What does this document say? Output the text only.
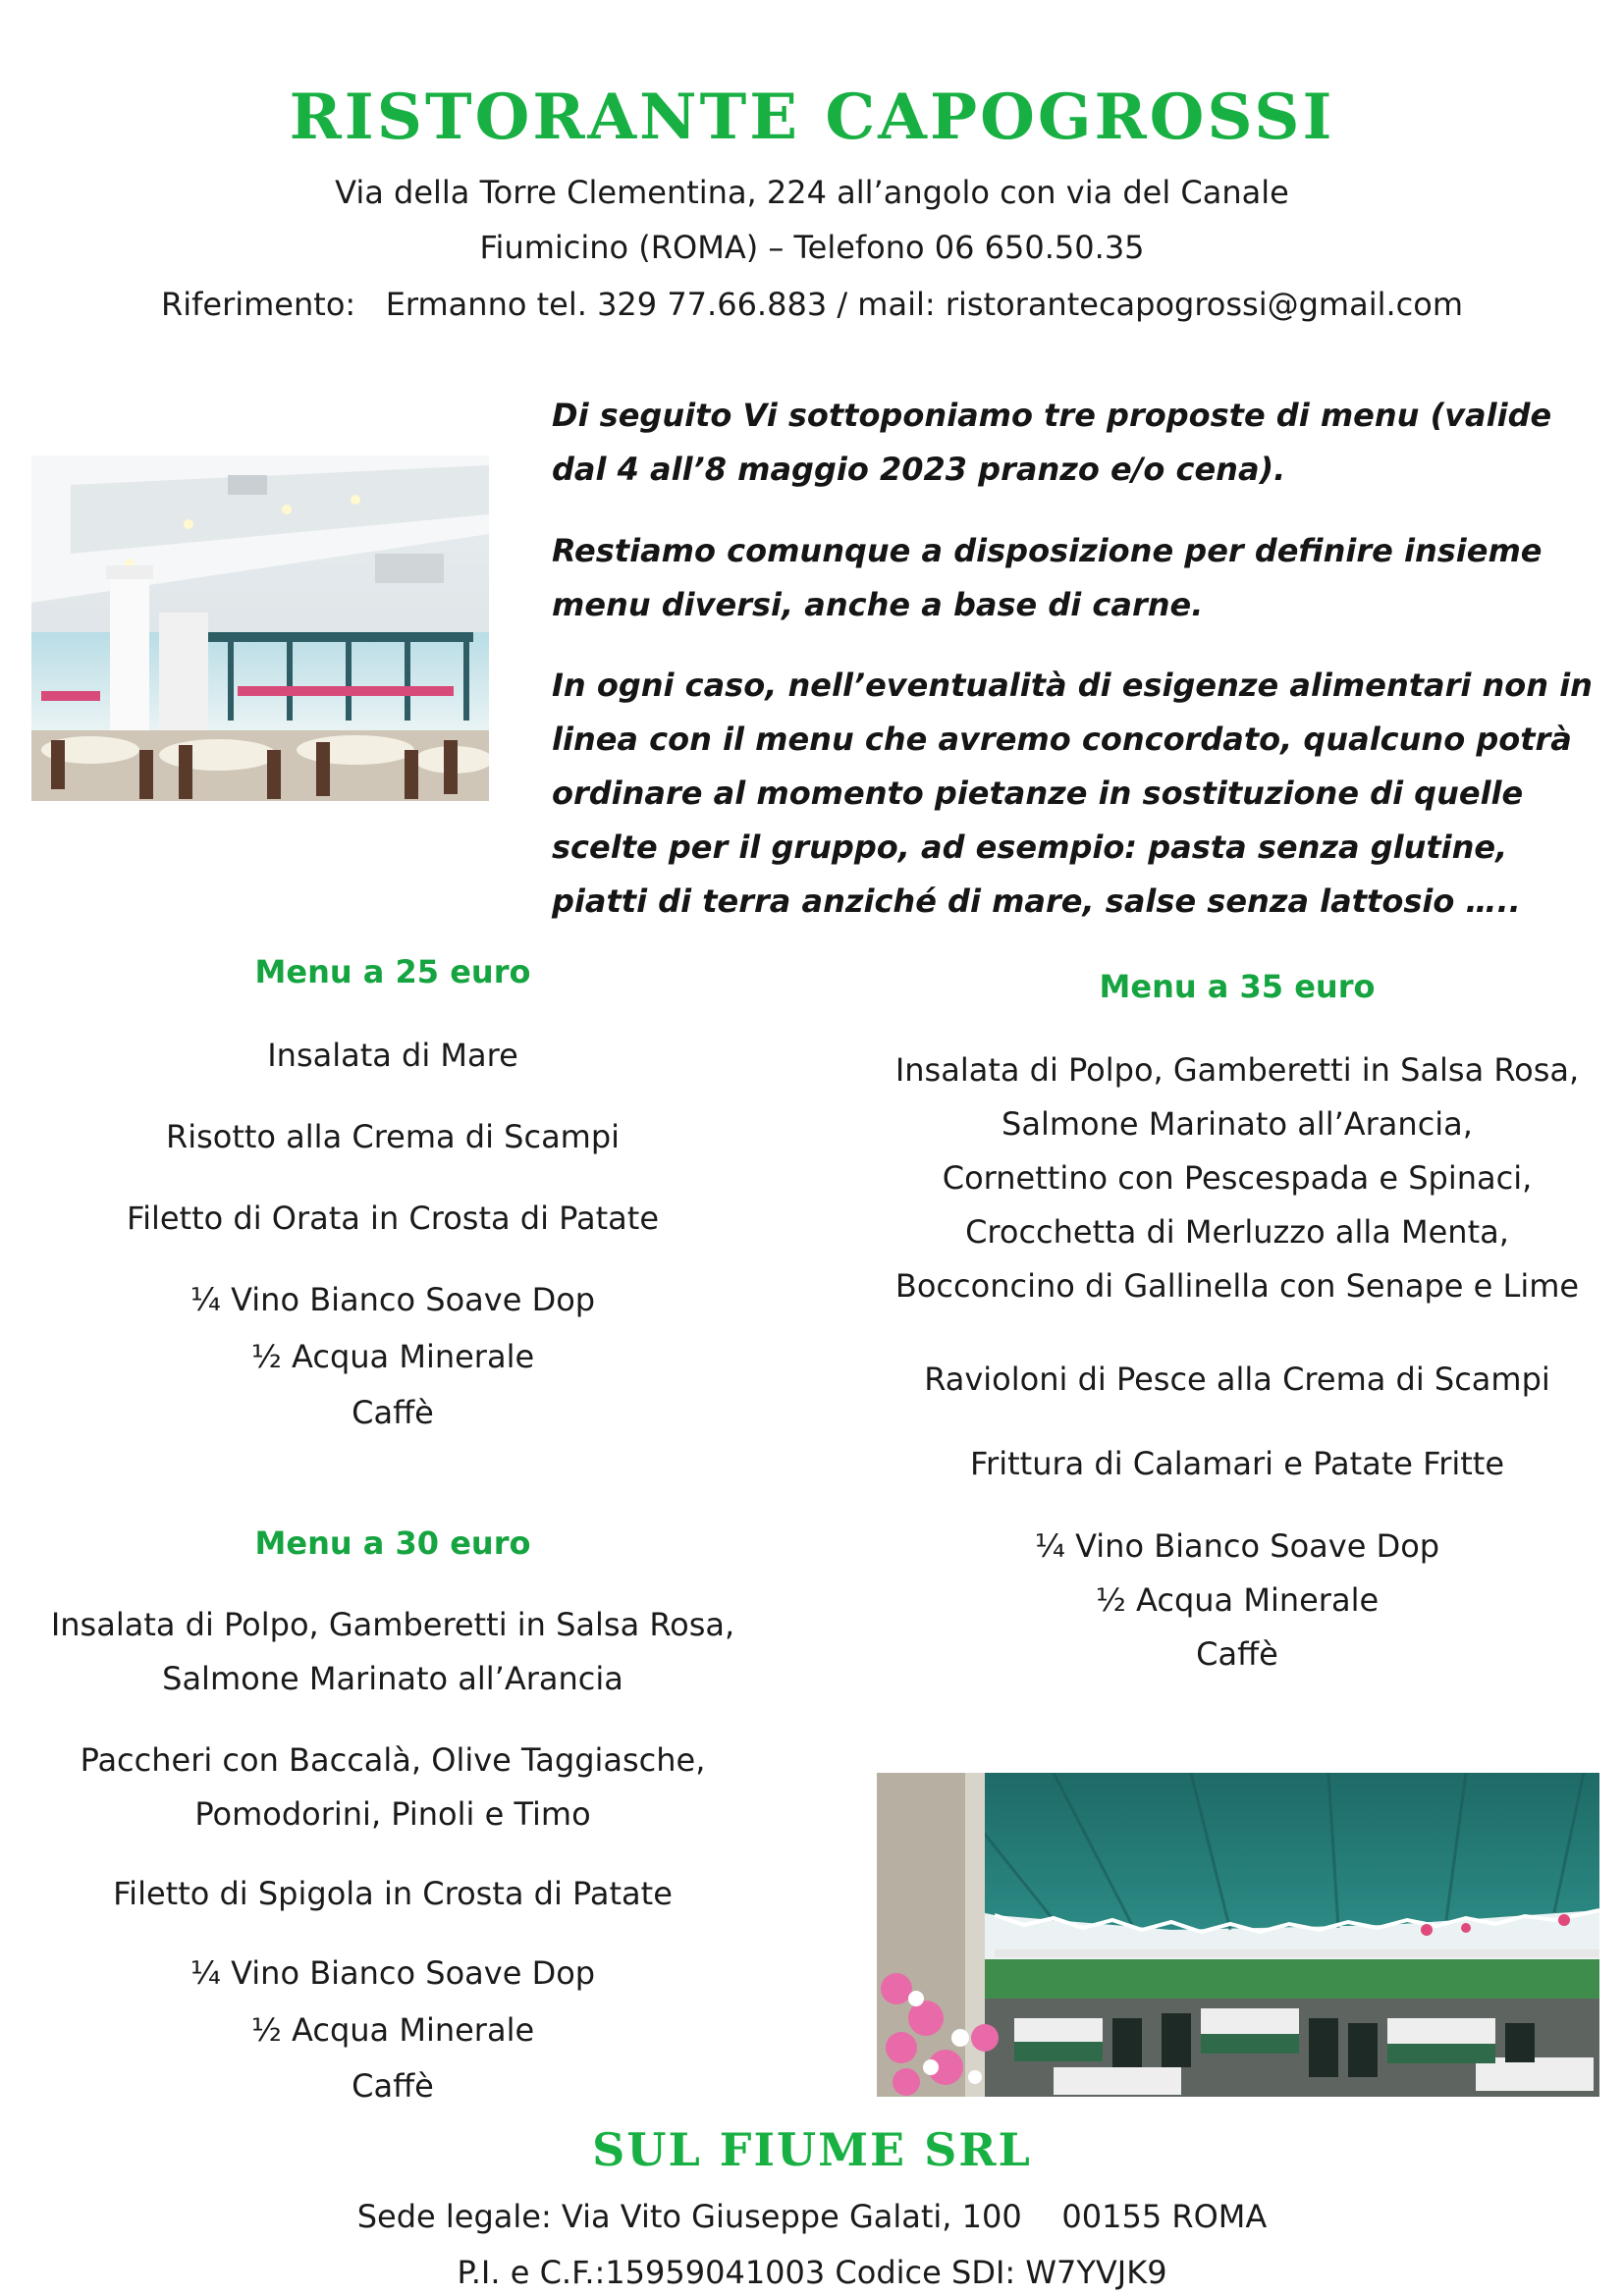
RISTORANTE CAPOGROSSI
Via della Torre Clementina, 224 all’angolo con via del Canale
Fiumicino (ROMA) – Telefono 06 650.50.35
Riferimento:   Ermanno tel. 329 77.66.883 / mail: ristorantecapogrossi@gmail.com
Di seguito Vi sottoponiamo tre proposte di menu (valide dal 4 all’8 maggio 2023 pranzo e/o cena).
Restiamo comunque a disposizione per definire insieme menu diversi, anche a base di carne.
In ogni caso, nell’eventualità di esigenze alimentari non in linea con il menu che avremo concordato, qualcuno potrà ordinare al momento pietanze in sostituzione di quelle scelte per il gruppo, ad esempio: pasta senza glutine, piatti di terra anziché di mare, salse senza lattosio …..
Menu a 25 euro
Insalata di Mare
Risotto alla Crema di Scampi
Filetto di Orata in Crosta di Patate
¼ Vino Bianco Soave Dop
½ Acqua Minerale
Caffè
Menu a 30 euro
Insalata di Polpo, Gamberetti in Salsa Rosa,
Salmone Marinato all’Arancia
Paccheri con Baccalà, Olive Taggiasche,
Pomodorini, Pinoli e Timo
Filetto di Spigola in Crosta di Patate
¼ Vino Bianco Soave Dop
½ Acqua Minerale
Caffè
Menu a 35 euro
Insalata di Polpo, Gamberetti in Salsa Rosa,
Salmone Marinato all’Arancia,
Cornettino con Pescespada e Spinaci,
Crocchetta di Merluzzo alla Menta,
Bocconcino di Gallinella con Senape e Lime
Ravioloni di Pesce alla Crema di Scampi
Frittura di Calamari e Patate Fritte
¼ Vino Bianco Soave Dop
½ Acqua Minerale
Caffè
SUL FIUME SRL
Sede legale: Via Vito Giuseppe Galati, 100    00155 ROMA
P.I. e C.F.:15959041003 Codice SDI: W7YVJK9
